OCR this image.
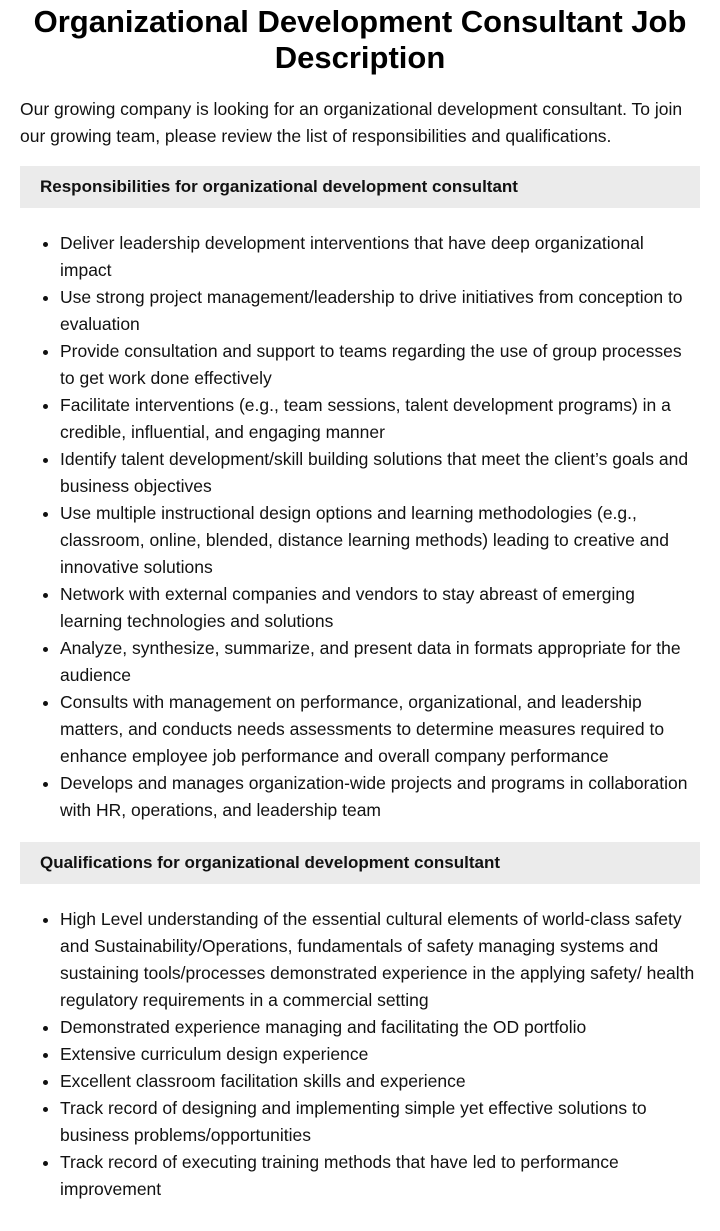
Organizational Development Consultant Job Description

Our growing company is looking for an organizational development consultant. To join our growing team, please review the list of responsibilities and qualifications.

Responsibilities for organizational development consultant
• Deliver leadership development interventions that have deep organizational impact
• Use strong project management/leadership to drive initiatives from conception to evaluation
• Provide consultation and support to teams regarding the use of group processes to get work done effectively
• Facilitate interventions (e.g., team sessions, talent development programs) in a credible, influential, and engaging manner
• Identify talent development/skill building solutions that meet the client’s goals and business objectives
• Use multiple instructional design options and learning methodologies (e.g., classroom, online, blended, distance learning methods) leading to creative and innovative solutions
• Network with external companies and vendors to stay abreast of emerging learning technologies and solutions
• Analyze, synthesize, summarize, and present data in formats appropriate for the audience
• Consults with management on performance, organizational, and leadership matters, and conducts needs assessments to determine measures required to enhance employee job performance and overall company performance
• Develops and manages organization-wide projects and programs in collaboration with HR, operations, and leadership team
Qualifications for organizational development consultant
• High Level understanding of the essential cultural elements of world-class safety and Sustainability/Operations, fundamentals of safety managing systems and sustaining tools/processes demonstrated experience in the applying safety/ health regulatory requirements in a commercial setting
• Demonstrated experience managing and facilitating the OD portfolio
• Extensive curriculum design experience
• Excellent classroom facilitation skills and experience
• Track record of designing and implementing simple yet effective solutions to business problems/opportunities
• Track record of executing training methods that have led to performance improvement
